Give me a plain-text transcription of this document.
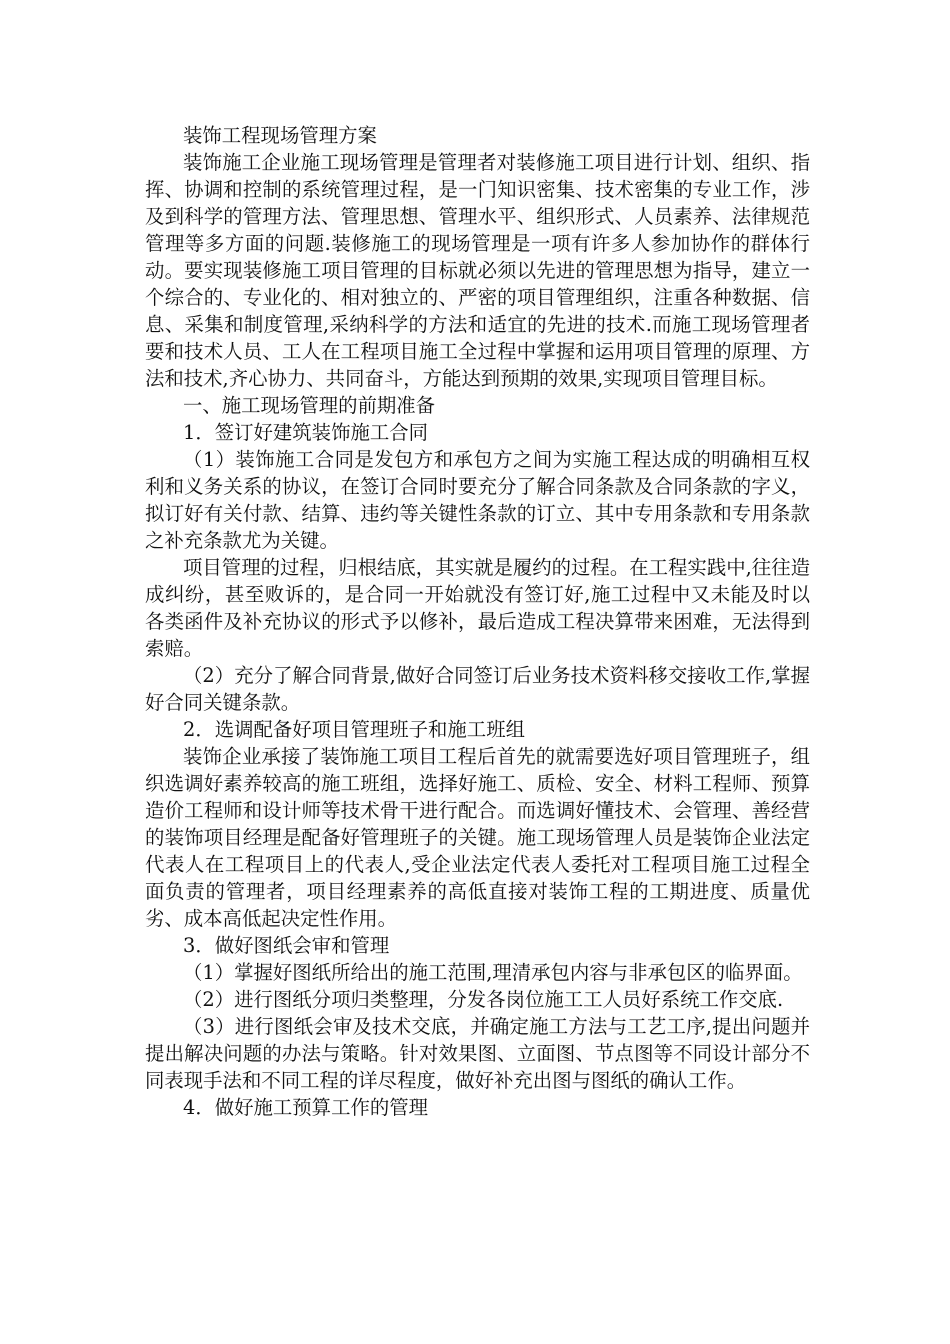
装饰工程现场管理方案

装饰施工企业施工现场管理是管理者对装修施工项目进行计划、组织、指挥、协调和控制的系统管理过程，是一门知识密集、技术密集的专业工作，涉及到科学的管理方法、管理思想、管理水平、组织形式、人员素养、法律规范管理等多方面的问题.装修施工的现场管理是一项有许多人参加协作的群体行动。要实现装修施工项目管理的目标就必须以先进的管理思想为指导，建立一个综合的、专业化的、相对独立的、严密的项目管理组织，注重各种数据、信息、采集和制度管理,采纳科学的方法和适宜的先进的技术.而施工现场管理者要和技术人员、工人在工程项目施工全过程中掌握和运用项目管理的原理、方法和技术,齐心协力、共同奋斗，方能达到预期的效果,实现项目管理目标。

一、施工现场管理的前期准备

1．签订好建筑装饰施工合同

（1）装饰施工合同是发包方和承包方之间为实施工程达成的明确相互权利和义务关系的协议，在签订合同时要充分了解合同条款及合同条款的字义，拟订好有关付款、结算、违约等关键性条款的订立、其中专用条款和专用条款之补充条款尤为关键。

项目管理的过程，归根结底，其实就是履约的过程。在工程实践中,往往造成纠纷，甚至败诉的，是合同一开始就没有签订好,施工过程中又未能及时以各类函件及补充协议的形式予以修补，最后造成工程决算带来困难，无法得到索赔。

（2）充分了解合同背景,做好合同签订后业务技术资料移交接收工作,掌握好合同关键条款。

2．选调配备好项目管理班子和施工班组

装饰企业承接了装饰施工项目工程后首先的就需要选好项目管理班子，组织选调好素养较高的施工班组，选择好施工、质检、安全、材料工程师、预算造价工程师和设计师等技术骨干进行配合。而选调好懂技术、会管理、善经营的装饰项目经理是配备好管理班子的关键。施工现场管理人员是装饰企业法定代表人在工程项目上的代表人,受企业法定代表人委托对工程项目施工过程全面负责的管理者，项目经理素养的高低直接对装饰工程的工期进度、质量优劣、成本高低起决定性作用。

3．做好图纸会审和管理

（1）掌握好图纸所给出的施工范围,理清承包内容与非承包区的临界面。

（2）进行图纸分项归类整理，分发各岗位施工工人员好系统工作交底.

（3）进行图纸会审及技术交底，并确定施工方法与工艺工序,提出问题并提出解决问题的办法与策略。针对效果图、立面图、节点图等不同设计部分不同表现手法和不同工程的详尽程度，做好补充出图与图纸的确认工作。

4．做好施工预算工作的管理
